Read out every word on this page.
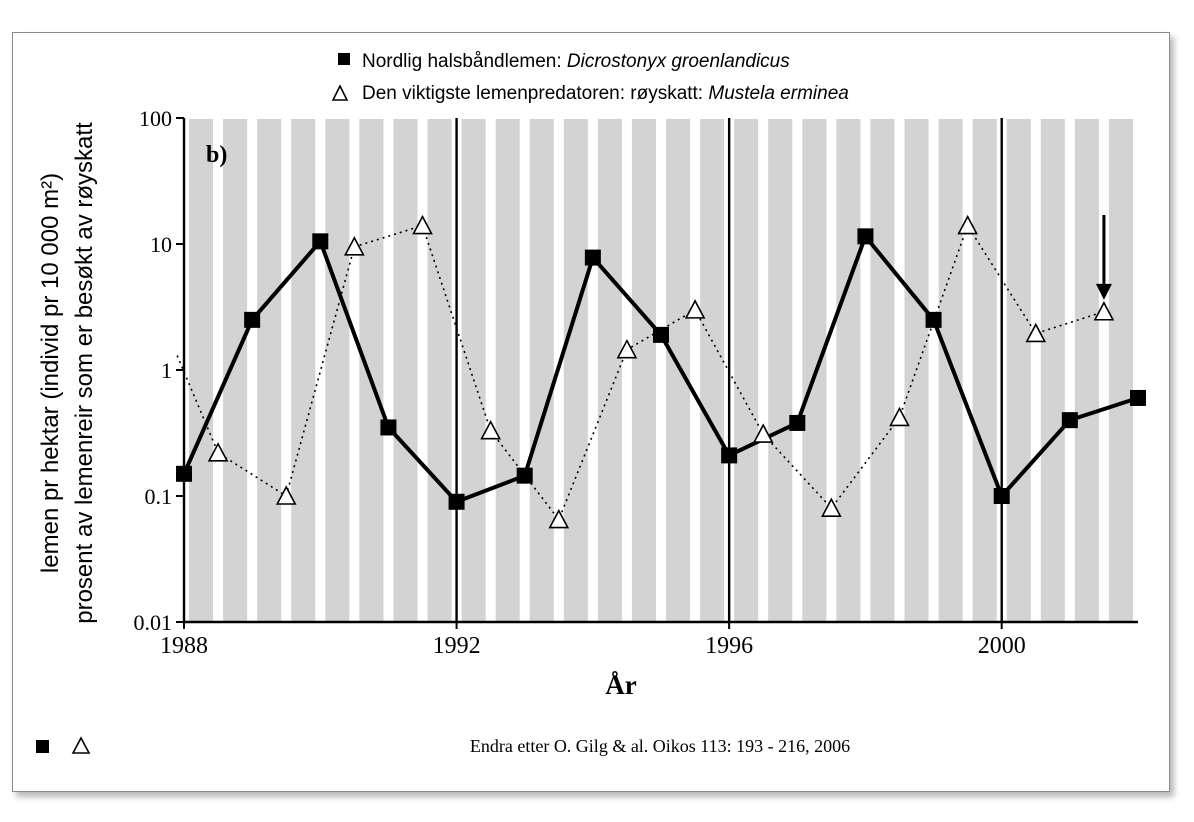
0.01
0.1
1
10
100
1988	1992	1996	2000
b)
Nordlig halsbåndlemen: Dicrostonyx groenlandicus
Den viktigste lemenpredatoren: røyskatt: Mustela erminea
År
lemen pr hektar (individ pr 10 000 m²) prosent av lemenreir som er besøkt av røyskatt
Endra etter O. Gilg & al. Oikos 113: 193 - 216, 2006
